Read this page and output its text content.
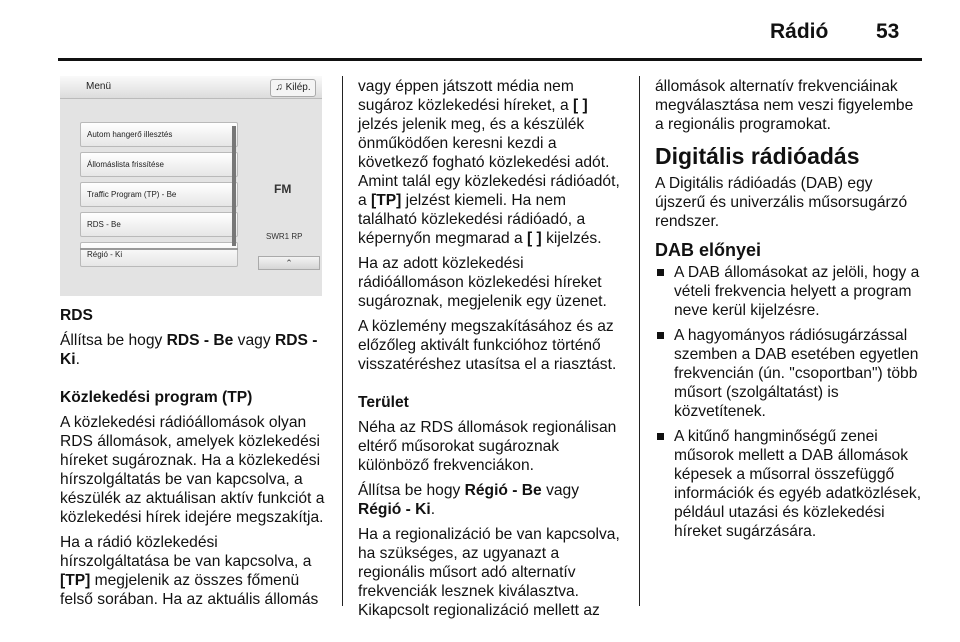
Rádió 53
Menü	♫ Kilép.
Autom hangerő illesztés
Állomáslista frissítése
Traffic Program (TP) - Be
RDS - Be
Régió - Ki
FM
SWR1 RP
⌃

RDS

Állítsa be hogy RDS - Be vagy RDS - Ki.

Közlekedési program (TP)

A közlekedési rádióállomások olyan RDS állomások, amelyek közlekedési híreket sugároznak. Ha a közlekedési hírszolgáltatás be van kapcsolva, a készülék az aktuálisan aktív funkciót a közlekedési hírek idejére megszakítja.

Ha a rádió közlekedési hírszolgáltatása be van kapcsolva, a [TP] megjelenik az összes főmenü felső sorában. Ha az aktuális állomás

vagy éppen játszott média nem sugároz közlekedési híreket, a [ ] jelzés jelenik meg, és a készülék önműködően keresni kezdi a következő fogható közlekedési adót. Amint talál egy közlekedési rádióadót, a [TP] jelzést kiemeli. Ha nem található közlekedési rádióadó, a képernyőn megmarad a [ ] kijelzés.

Ha az adott közlekedési rádióállomáson közlekedési híreket sugároznak, megjelenik egy üzenet.

A közlemény megszakításához és az előzőleg aktivált funkcióhoz történő visszatéréshez utasítsa el a riasztást.

Terület

Néha az RDS állomások regionálisan eltérő műsorokat sugároznak különböző frekvenciákon.

Állítsa be hogy Régió - Be vagy Régió - Ki.

Ha a regionalizáció be van kapcsolva, ha szükséges, az ugyanazt a regionális műsort adó alternatív frekvenciák lesznek kiválasztva. Kikapcsolt regionalizáció mellett az

állomások alternatív frekvenciáinak megválasztása nem veszi figyelembe a regionális programokat.

Digitális rádióadás

A Digitális rádióadás (DAB) egy újszerű és univerzális műsorsugárzó rendszer.

DAB előnyei
A DAB állomásokat az jelöli, hogy a vételi frekvencia helyett a program neve kerül kijelzésre.
A hagyományos rádiósugárzással szemben a DAB esetében egyetlen frekvencián (ún. "csoportban") több műsort (szolgáltatást) is közvetítenek.
A kitűnő hangminőségű zenei műsorok mellett a DAB állomások képesek a műsorral összefüggő információk és egyéb adatközlések, például utazási és közlekedési híreket sugárzására.
